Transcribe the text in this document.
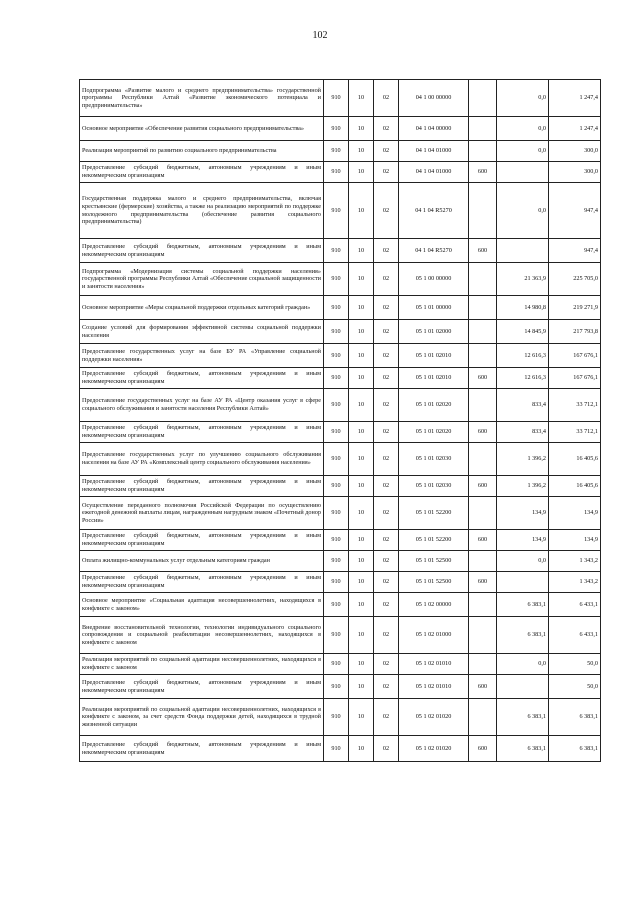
102
Подпрограмма «Развитие малого и среднего предпринимательства» государственной программы Республики Алтай «Развитие экономического потенциала и предпринимательства»	910	10	02	04 1 00 00000		0,0	1 247,4
Основное мероприятие «Обеспечение развития социального предпринимательства»	910	10	02	04 1 04 00000		0,0	1 247,4
Реализация мероприятий по развитию социального предпринимательства	910	10	02	04 1 04 01000		0,0	300,0
Предоставление субсидий бюджетным, автономным учреждениям и иным некоммерческим организациям	910	10	02	04 1 04 01000	600		300,0
Государственная поддержка малого и среднего предпринимательства, включая крестьянские (фермерские) хозяйства, а также на реализацию мероприятий по поддержке молодежного предпринимательства (обеспечение развития социального предпринимательства)	910	10	02	04 1 04 R5270		0,0	947,4
Предоставление субсидий бюджетным, автономным учреждениям и иным некоммерческим организациям	910	10	02	04 1 04 R5270	600		947,4
Подпрограмма «Модернизация системы социальной поддержки населения» государственной программы Республики Алтай «Обеспечение социальной защищенности и занятости населения»	910	10	02	05 1 00 00000		21 363,9	225 705,0
Основное мероприятие «Меры социальной поддержки отдельных категорий граждан»	910	10	02	05 1 01 00000		14 980,8	219 271,9
Создание условий для формирования эффективной системы социальной поддержки населения	910	10	02	05 1 01 02000		14 845,9	217 793,8
Предоставление государственных услуг на базе БУ РА «Управление социальной поддержки населения»	910	10	02	05 1 01 02010		12 616,3	167 676,1
Предоставление субсидий бюджетным, автономным учреждениям и иным некоммерческим организациям	910	10	02	05 1 01 02010	600	12 616,3	167 676,1
Предоставление государственных услуг на базе АУ РА «Центр оказания услуг в сфере социального обслуживания и занятости населения Республики Алтай»	910	10	02	05 1 01 02020		833,4	33 712,1
Предоставление субсидий бюджетным, автономным учреждениям и иным некоммерческим организациям	910	10	02	05 1 01 02020	600	833,4	33 712,1
Предоставление государственных услуг по улучшению социального обслуживания населения на базе АУ РА «Комплексный центр социального обслуживания населения»	910	10	02	05 1 01 02030		1 396,2	16 405,6
Предоставление субсидий бюджетным, автономным учреждениям и иным некоммерческим организациям	910	10	02	05 1 01 02030	600	1 396,2	16 405,6
Осуществление переданного полномочия Российской Федерации по осуществлению ежегодной денежной выплаты лицам, награжденным нагрудным знаком «Почетный донор России»	910	10	02	05 1 01 52200		134,9	134,9
Предоставление субсидий бюджетным, автономным учреждениям и иным некоммерческим организациям	910	10	02	05 1 01 52200	600	134,9	134,9
Оплата жилищно-коммунальных услуг отдельным категориям граждан	910	10	02	05 1 01 52500		0,0	1 343,2
Предоставление субсидий бюджетным, автономным учреждениям и иным некоммерческим организациям	910	10	02	05 1 01 52500	600		1 343,2
Основное мероприятие «Социальная адаптация несовершеннолетних, находящихся в конфликте с законом»	910	10	02	05 1 02 00000		6 383,1	6 433,1
Внедрение восстановительной технологии, технологии индивидуального социального сопровождения и социальной реабилитации несовершеннолетних, находящихся в конфликте с законом	910	10	02	05 1 02 01000		6 383,1	6 433,1
Реализация мероприятий по социальной адаптации несовершеннолетних, находящихся в конфликте с законом	910	10	02	05 1 02 01010		0,0	50,0
Предоставление субсидий бюджетным, автономным учреждениям и иным некоммерческим организациям	910	10	02	05 1 02 01010	600		50,0
Реализация мероприятий по социальной адаптации несовершеннолетних, находящихся в конфликте с законом, за счет средств Фонда поддержки детей, находящихся в трудной жизненной ситуации	910	10	02	05 1 02 01020		6 383,1	6 383,1
Предоставление субсидий бюджетным, автономным учреждениям и иным некоммерческим организациям	910	10	02	05 1 02 01020	600	6 383,1	6 383,1
